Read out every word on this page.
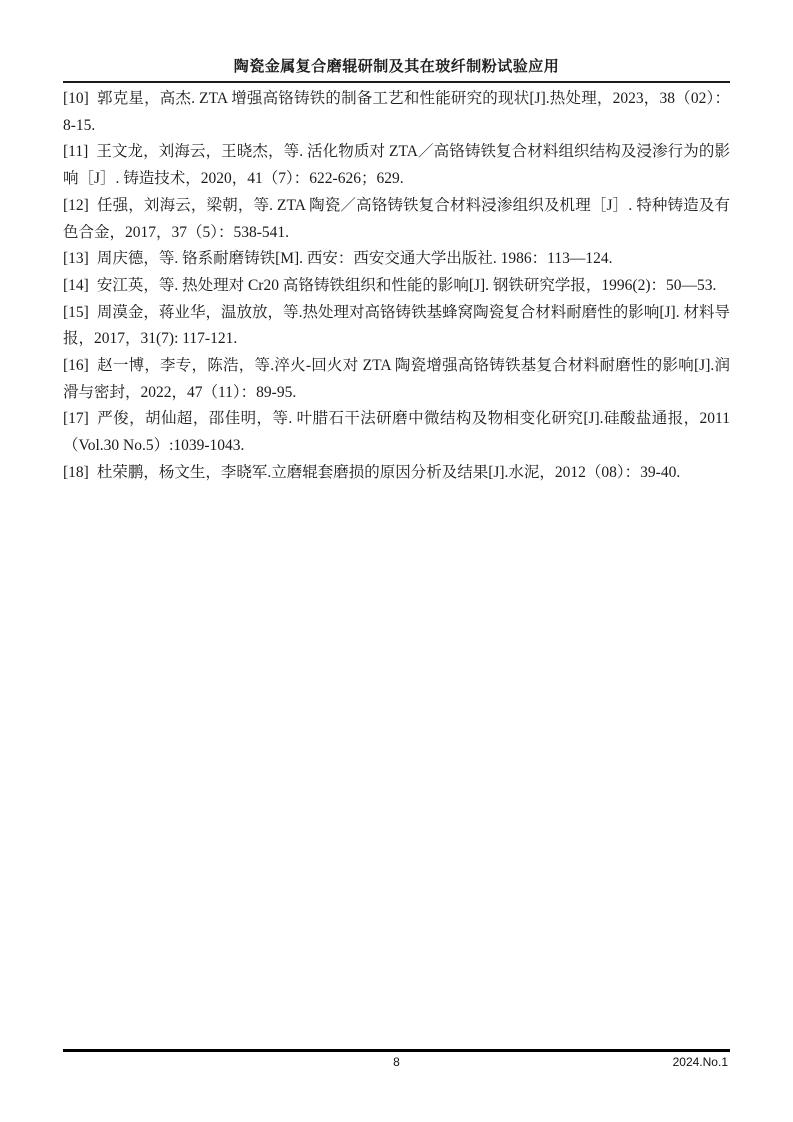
陶瓷金属复合磨辊研制及其在玻纤制粉试验应用

[10] 郭克星，高杰. ZTA 增强高铬铸铁的制备工艺和性能研究的现状[J].热处理，2023，38（02）：8-15.

[11] 王文龙，刘海云，王晓杰，等. 活化物质对 ZTA／高铬铸铁复合材料组织结构及浸渗行为的影响［J］. 铸造技术，2020，41（7）：622-626；629.

[12] 任强，刘海云，梁朝，等. ZTA 陶瓷／高铬铸铁复合材料浸渗组织及机理［J］. 特种铸造及有色合金，2017，37（5）：538-541.

[13] 周庆德，等. 铬系耐磨铸铁[M]. 西安：西安交通大学出版社. 1986：113—124.

[14] 安江英，等. 热处理对 Cr20 高铬铸铁组织和性能的影响[J]. 钢铁研究学报，1996(2)：50—53.

[15] 周漠金，蒋业华，温放放，等.热处理对高铬铸铁基蜂窝陶瓷复合材料耐磨性的影响[J]. 材料导报，2017，31(7): 117-121.

[16] 赵一博，李专，陈浩，等.淬火-回火对 ZTA 陶瓷增强高铬铸铁基复合材料耐磨性的影响[J].润滑与密封，2022，47（11）：89-95.

[17] 严俊，胡仙超，邵佳明，等. 叶腊石干法研磨中微结构及物相变化研究[J].硅酸盐通报，2011（Vol.30 No.5）:1039-1043.

[18] 杜荣鹏，杨文生，李晓军.立磨辊套磨损的原因分析及结果[J].水泥，2012（08）：39-40.

8	2024.No.1
